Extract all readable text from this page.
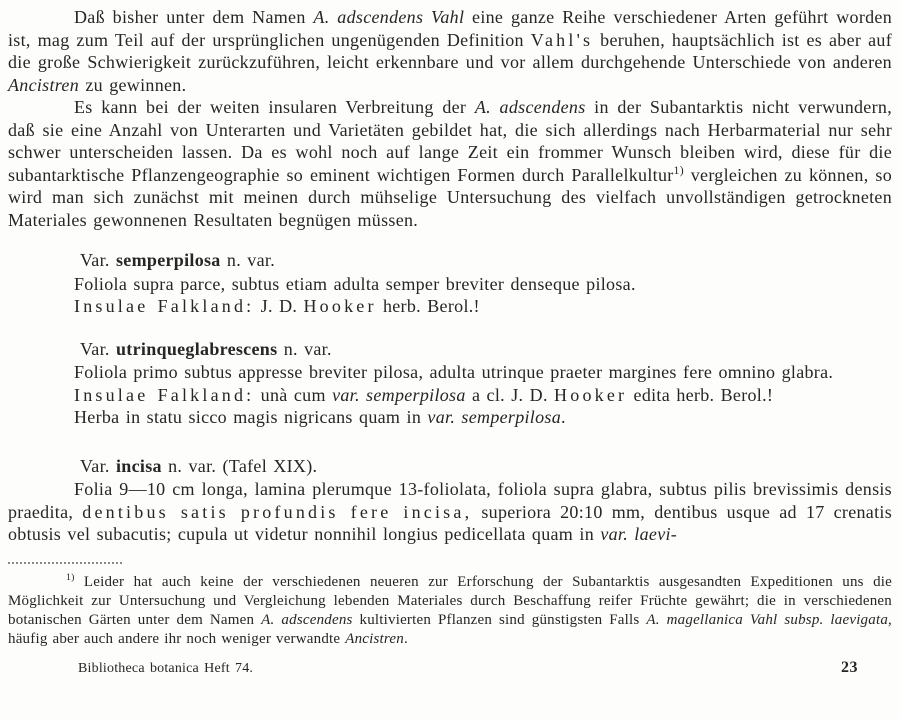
Daß bisher unter dem Namen A. adscendens Vahl eine ganze Reihe verschiedener Arten geführt worden ist, mag zum Teil auf der ursprünglichen ungenügenden Definition Vahl's beruhen, hauptsächlich ist es aber auf die große Schwierigkeit zurückzuführen, leicht erkennbare und vor allem durchgehende Unterschiede von anderen Ancistren zu gewinnen.

Es kann bei der weiten insularen Verbreitung der A. adscendens in der Subantarktis nicht verwundern, daß sie eine Anzahl von Unterarten und Varietäten gebildet hat, die sich allerdings nach Herbarmaterial nur sehr schwer unterscheiden lassen. Da es wohl noch auf lange Zeit ein frommer Wunsch bleiben wird, diese für die subantarktische Pflanzengeographie so eminent wichtigen Formen durch Parallelkultur$^{1)}$ vergleichen zu können, so wird man sich zunächst mit meinen durch mühselige Untersuchung des vielfach unvollständigen getrockneten Materiales gewonnenen Resultaten begnügen müssen.

Var. semperpilosa n. var.

Foliola supra parce, subtus etiam adulta semper breviter denseque pilosa.

Insulae Falkland: J. D. Hooker herb. Berol.!

Var. utrinqueglabrescens n. var.

Foliola primo subtus appresse breviter pilosa, adulta utrinque praeter margines fere omnino glabra.

Insulae Falkland: unà cum var. semperpilosa a cl. J. D. Hooker edita herb. Berol.!

Herba in statu sicco magis nigricans quam in var. semperpilosa.

Var. incisa n. var. (Tafel XIX).

Folia 9—10 cm longa, lamina plerumque 13-foliolata, foliola supra glabra, subtus pilis brevissimis densis praedita, dentibus satis profundis fere incisa, superiora 20:10 mm, dentibus usque ad 17 crenatis obtusis vel subacutis; cupula ut videtur nonnihil longius pedicellata quam in var. laevi-

$^{1)}$ Leider hat auch keine der verschiedenen neueren zur Erforschung der Subantarktis ausgesandten Expeditionen uns die Möglichkeit zur Untersuchung und Vergleichung lebenden Materiales durch Beschaffung reifer Früchte gewährt; die in verschiedenen botanischen Gärten unter dem Namen A. adscendens kultivierten Pflanzen sind günstigsten Falls A. magellanica Vahl subsp. laevigata, häufig aber auch andere ihr noch weniger verwandte Ancistren.

Bibliotheca botanica Heft 74.	23
